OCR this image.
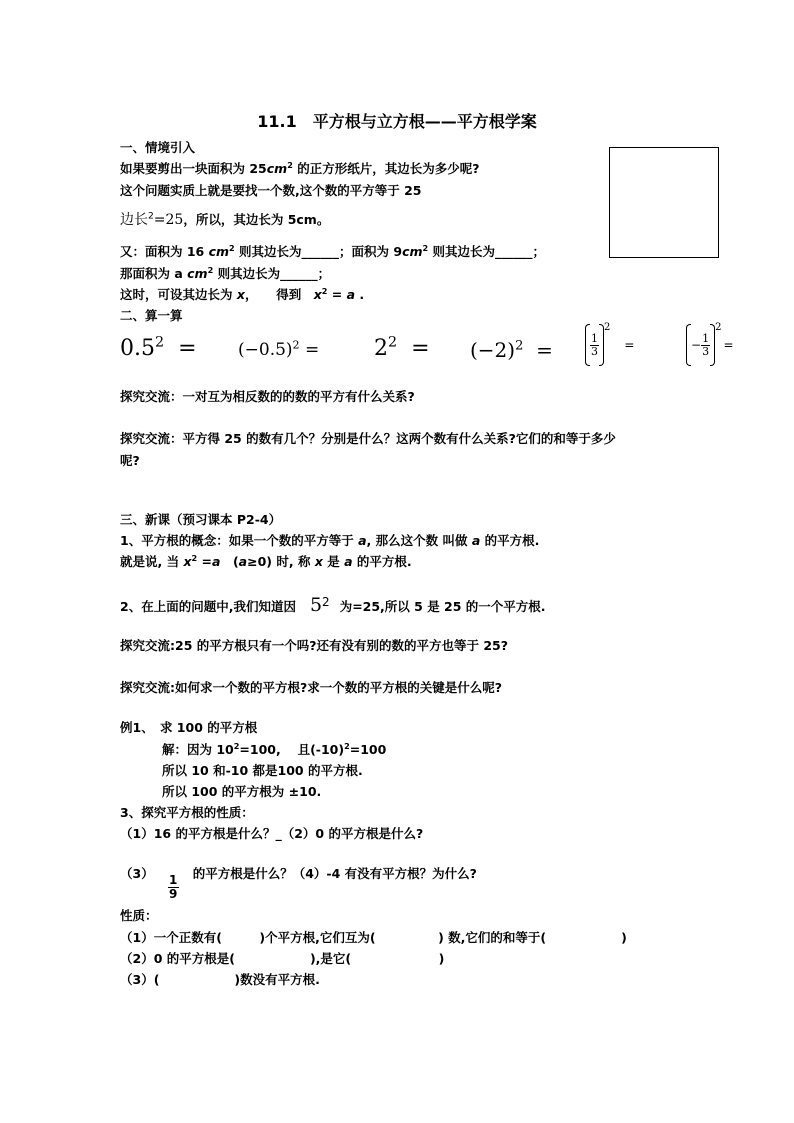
11.1　平方根与立方根——平方根学案
一、情境引入
如果要剪出一块面积为 $25cm^2$ 的正方形纸片，其边长为多少呢?
这个问题实质上就是要找一个数,这个数的平方等于 25
边长$^2$=25，所以，其边长为 5cm。
又：面积为 16 $cm^2$ 则其边长为______；面积为 $9cm^2$ 则其边长为______；
那面积为 a $cm^2$ 则其边长为______；
这时，可设其边长为 x，　　得到　$x^2 = a$ .
二、算一算
$0.5^2 = (-0.5)^2 = 2^2 = (-2)^2$ =	$\frac{1}{3}$
2
=	− $\frac{1}{3}$
2
=
探究交流：一对互为相反数的的数的平方有什么关系?
探究交流：平方得 25 的数有几个？分别是什么？这两个数有什么关系?它们的和等于多少
呢?
三、新课（预习课本 P2-4）
1、平方根的概念：如果一个数的平方等于 a, 那么这个数 叫做 a 的平方根.
就是说, 当 $x^2 =a$　(a≥0) 时, 称 x 是 a 的平方根.
2、在上面的问题中,我们知道因 $5^2$ 为=25,所以 5 是 25 的一个平方根.
探究交流:25 的平方根只有一个吗?还有没有别的数的平方也等于 25?
探究交流:如何求一个数的平方根?求一个数的平方根的关键是什么呢?
例1、　求 100 的平方根
解：因为 $10^2=100$,　 且$(-10)^2=100$
所以 10 和-10 都是100 的平方根.
所以 100 的平方根为 ±10.
3、探究平方根的性质：
（1）16 的平方根是什么？_（2）0 的平方根是什么?
（3）
$\frac{1}{9}$
的平方根是什么？（4）-4 有没有平方根？为什么?
性质：
（1）一个正数有(　　　)个平方根,它们互为(　　　　　) 数,它们的和等于(　　　　　　)
（2）0 的平方根是(　　　　　　),是它(　　　　　　　)
（3）(　　　　　　)数没有平方根.
